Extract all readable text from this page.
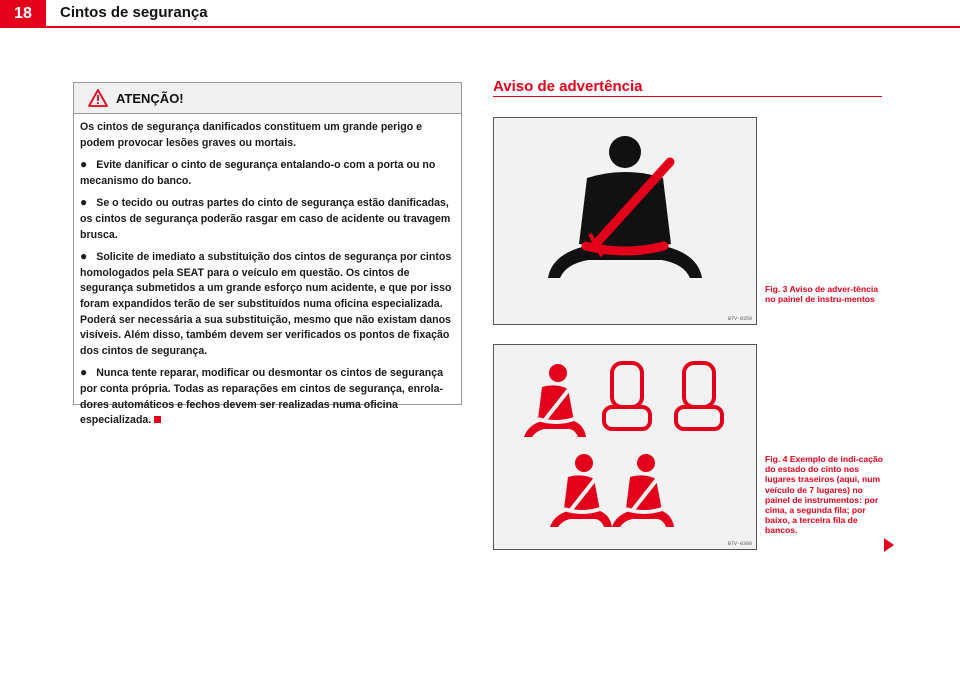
18	Cintos de segurança
ATENÇÃO!

Os cintos de segurança danificados constituem um grande perigo e podem provocar lesões graves ou mortais.

● Evite danificar o cinto de segurança entalando-o com a porta ou no mecanismo do banco.

● Se o tecido ou outras partes do cinto de segurança estão danificadas, os cintos de segurança poderão rasgar em caso de acidente ou travagem brusca.

● Solicite de imediato a substituição dos cintos de segurança por cintos homologados pela SEAT para o veículo em questão. Os cintos de segurança submetidos a um grande esforço num acidente, e que por isso foram expandidos terão de ser substituídos numa oficina especializada. Poderá ser necessária a sua substituição, mesmo que não existam danos visíveis. Além disso, também devem ser verificados os pontos de fixação dos cintos de segurança.

● Nunca tente reparar, modificar ou desmontar os cintos de segurança por conta própria. Todas as reparações em cintos de segurança, enrola-dores automáticos e fechos devem ser realizadas numa oficina especializada.

Aviso de advertência
B7V-0359
Fig. 3 Aviso de adver-tência no painel de instru-mentos
B7V-0360
Fig. 4 Exemplo de indi-cação do estado do cinto nos lugares traseiros (aqui, num veículo de 7 lugares) no painel de instrumentos: por cima, a segunda fila; por baixo, a terceira fila de bancos.
